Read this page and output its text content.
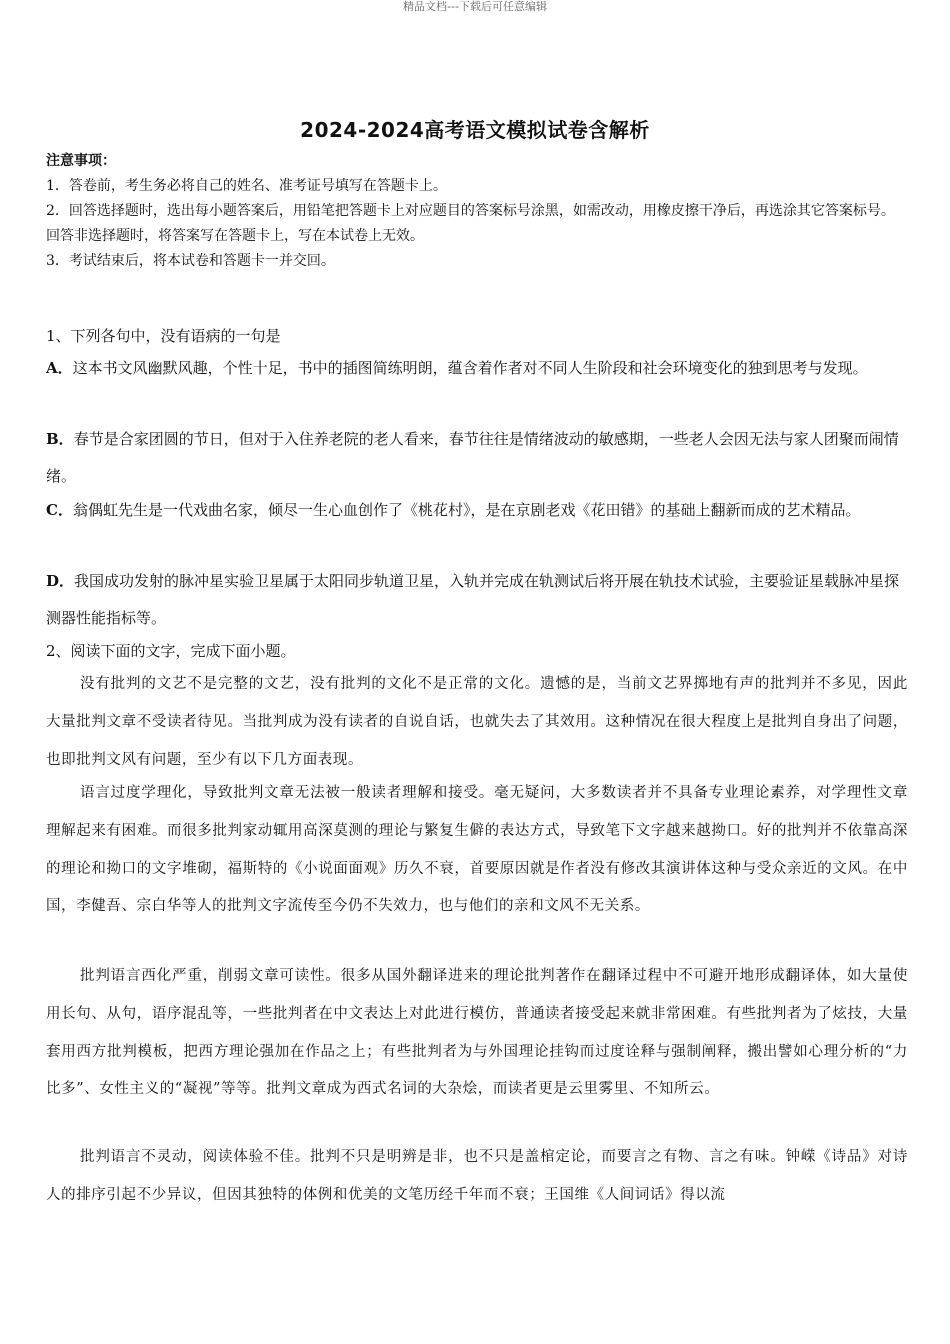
精品文档---下载后可任意编辑
2024-2024高考语文模拟试卷含解析
注意事项：
1．答卷前，考生务必将自己的姓名、准考证号填写在答题卡上。
2．回答选择题时，选出每小题答案后，用铅笔把答题卡上对应题目的答案标号涂黑，如需改动，用橡皮擦干净后，再选涂其它答案标号。回答非选择题时，将答案写在答题卡上，写在本试卷上无效。
3．考试结束后，将本试卷和答题卡一并交回。
1、下列各句中，没有语病的一句是
A．这本书文风幽默风趣，个性十足，书中的插图简练明朗，蕴含着作者对不同人生阶段和社会环境变化的独到思考与发现。
B．春节是合家团圆的节日，但对于入住养老院的老人看来，春节往往是情绪波动的敏感期，一些老人会因无法与家人团聚而闹情绪。
C．翁偶虹先生是一代戏曲名家，倾尽一生心血创作了《桃花村》，是在京剧老戏《花田错》的基础上翻新而成的艺术精品。
D．我国成功发射的脉冲星实验卫星属于太阳同步轨道卫星，入轨并完成在轨测试后将开展在轨技术试验，主要验证星载脉冲星探测器性能指标等。
2、阅读下面的文字，完成下面小题。
没有批判的文艺不是完整的文艺，没有批判的文化不是正常的文化。遗憾的是，当前文艺界掷地有声的批判并不多见，因此大量批判文章不受读者待见。当批判成为没有读者的自说自话，也就失去了其效用。这种情况在很大程度上是批判自身出了问题，也即批判文风有问题，至少有以下几方面表现。
语言过度学理化，导致批判文章无法被一般读者理解和接受。毫无疑问，大多数读者并不具备专业理论素养，对学理性文章理解起来有困难。而很多批判家动辄用高深莫测的理论与繁复生僻的表达方式，导致笔下文字越来越拗口。好的批判并不依靠高深的理论和拗口的文字堆砌，福斯特的《小说面面观》历久不衰，首要原因就是作者没有修改其演讲体这种与受众亲近的文风。在中国，李健吾、宗白华等人的批判文字流传至今仍不失效力，也与他们的亲和文风不无关系。
批判语言西化严重，削弱文章可读性。很多从国外翻译进来的理论批判著作在翻译过程中不可避开地形成翻译体，如大量使用长句、从句，语序混乱等，一些批判者在中文表达上对此进行模仿，普通读者接受起来就非常困难。有些批判者为了炫技，大量套用西方批判模板，把西方理论强加在作品之上；有些批判者为与外国理论挂钩而过度诠释与强制阐释，搬出譬如心理分析的“力比多”、女性主义的“凝视”等等。批判文章成为西式名词的大杂烩，而读者更是云里雾里、不知所云。
批判语言不灵动，阅读体验不佳。批判不只是明辨是非，也不只是盖棺定论，而要言之有物、言之有味。钟嵘《诗品》对诗人的排序引起不少异议，但因其独特的体例和优美的文笔历经千年而不衰；王国维《人间词话》得以流
